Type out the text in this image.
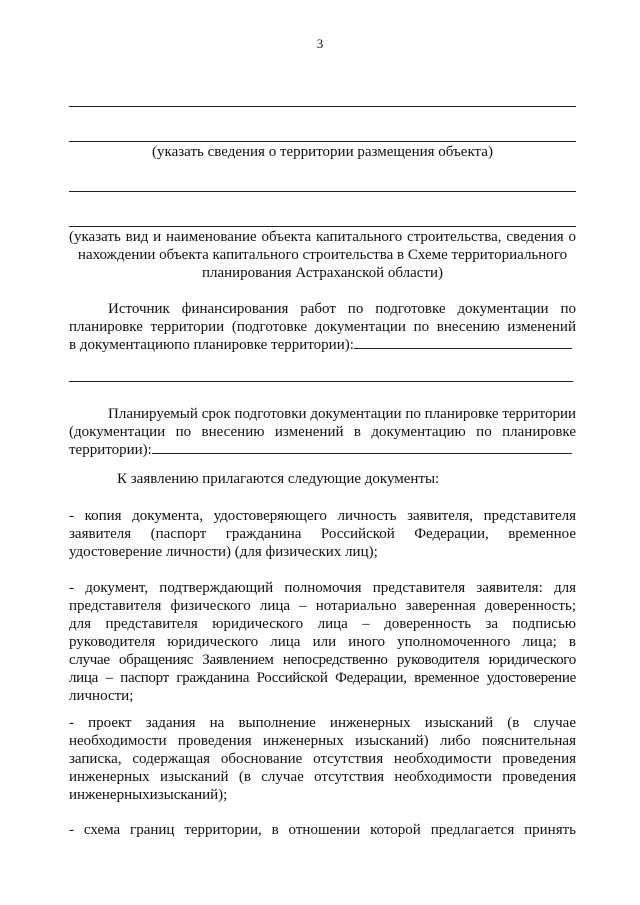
3
(указать сведения о территории размещения объекта)
(указать вид и наименование объекта капитального строительства, сведения о
нахождении объекта капитального строительства в Схеме территориального
планирования Астраханской области)
Источник финансирования работ по подготовке документации по
планировке территории (подготовке документации по внесению изменений
в документациюпо планировке территории):
Планируемый срок подготовки документации по планировке территории
(документации по внесению изменений в документацию по планировке
территории):
К заявлению прилагаются следующие документы:
- копия документа, удостоверяющего личность заявителя, представителя
заявителя (паспорт гражданина Российской Федерации, временное
удостоверение личности) (для физических лиц);
- документ, подтверждающий полномочия представителя заявителя: для
представителя физического лица – нотариально заверенная доверенность;
для представителя юридического лица – доверенность за подписью
руководителя юридического лица или иного уполномоченного лица; в
случае обращенияс Заявлением непосредственно руководителя юридического
лица – паспорт гражданина Российской Федерации, временное удостоверение
личности;
- проект задания на выполнение инженерных изысканий (в случае
необходимости проведения инженерных изысканий) либо пояснительная
записка, содержащая обоснование отсутствия необходимости проведения
инженерных изысканий (в случае отсутствия необходимости проведения
инженерныхизысканий);
- схема границ территории, в отношении которой предлагается принять
